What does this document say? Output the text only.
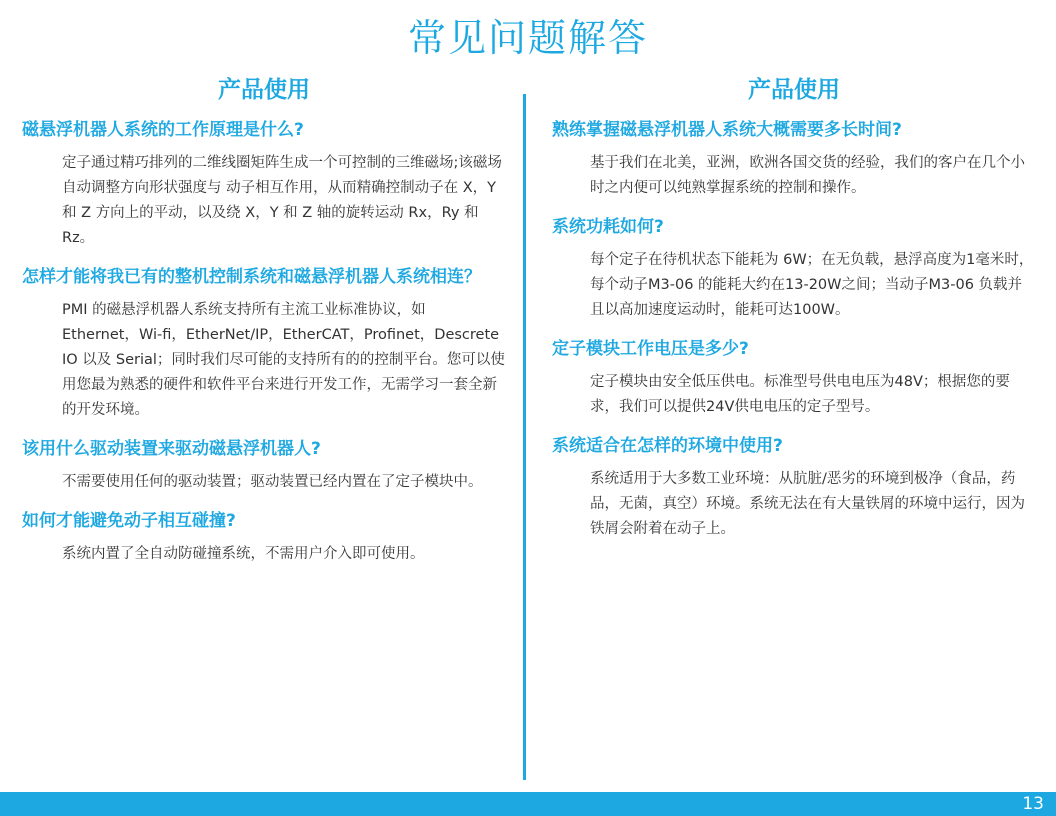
常见问题解答
产品使用
磁悬浮机器人系统的工作原理是什么?
定子通过精巧排列的二维线圈矩阵生成一个可控制的三维磁场;该磁场自动调整方向形状强度与 动子相互作用，从而精确控制动子在 X，Y和 Z 方向上的平动，以及绕 X，Y 和 Z 轴的旋转运动 Rx，Ry 和 Rz。
怎样才能将我已有的整机控制系统和磁悬浮机器人系统相连？
PMI 的磁悬浮机器人系统支持所有主流工业标准协议，如 Ethernet，Wi-fi，EtherNet/IP，EtherCAT，Profinet，Descrete IO 以及 Serial；同时我们尽可能的支持所有的的控制平台。您可以使用您最为熟悉的硬件和软件平台来进行开发工作，无需学习一套全新的开发环境。
该用什么驱动装置来驱动磁悬浮机器人?
不需要使用任何的驱动装置；驱动装置已经内置在了定子模块中。
如何才能避免动子相互碰撞?
系统内置了全自动防碰撞系统，不需用户介入即可使用。
产品使用
熟练掌握磁悬浮机器人系统大概需要多长时间?
基于我们在北美，亚洲，欧洲各国交货的经验，我们的客户在几个小时之内便可以纯熟掌握系统的控制和操作。
系统功耗如何?
每个定子在待机状态下能耗为 6W；在无负载，悬浮高度为1毫米时，每个动子M3-06 的能耗大约在13-20W之间；当动子M3-06 负载并且以高加速度运动时，能耗可达100W。
定子模块工作电压是多少?
定子模块由安全低压供电。标准型号供电电压为48V；根据您的要求，我们可以提供24V供电电压的定子型号。
系统适合在怎样的环境中使用?
系统适用于大多数工业环境：从肮脏/恶劣的环境到极净（食品，药品，无菌，真空）环境。系统无法在有大量铁屑的环境中运行，因为铁屑会附着在动子上。
13
